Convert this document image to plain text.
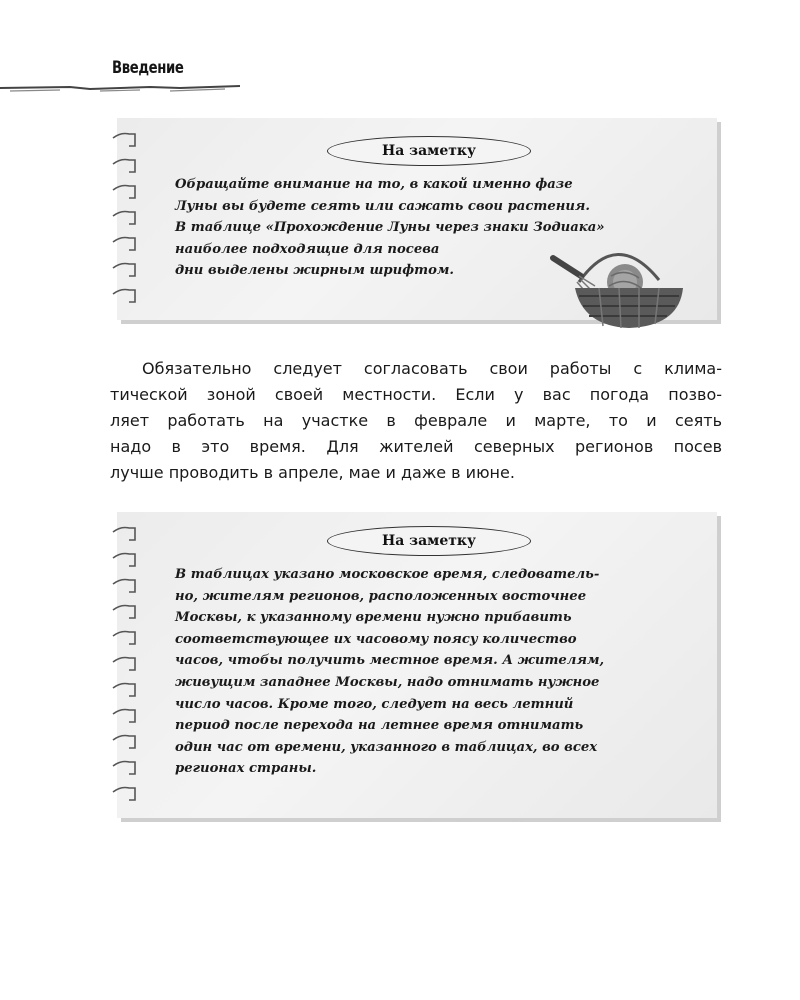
Введение
На заметку
Обращайте внимание на то, в какой именно фазе
Луны вы будете сеять или сажать свои растения.
В таблице «Прохождение Луны через знаки Зодиака»
наиболее подходящие для посева
дни выделены жирным шрифтом.
Обязательно следует согласовать свои работы с клима-
тической зоной своей местности. Если у вас погода позво-
ляет работать на участке в феврале и марте, то и сеять
надо в это время. Для жителей северных регионов посев
лучше проводить в апреле, мае и даже в июне.
На заметку
В таблицах указано московское время, следователь-
но, жителям регионов, расположенных восточнее
Москвы, к указанному времени нужно прибавить
соответствующее их часовому поясу количество
часов, чтобы получить местное время. А жителям,
живущим западнее Москвы, надо отнимать нужное
число часов. Кроме того, следует на весь летний
период после перехода на летнее время отнимать
один час от времени, указанного в таблицах, во всех
регионах страны.
